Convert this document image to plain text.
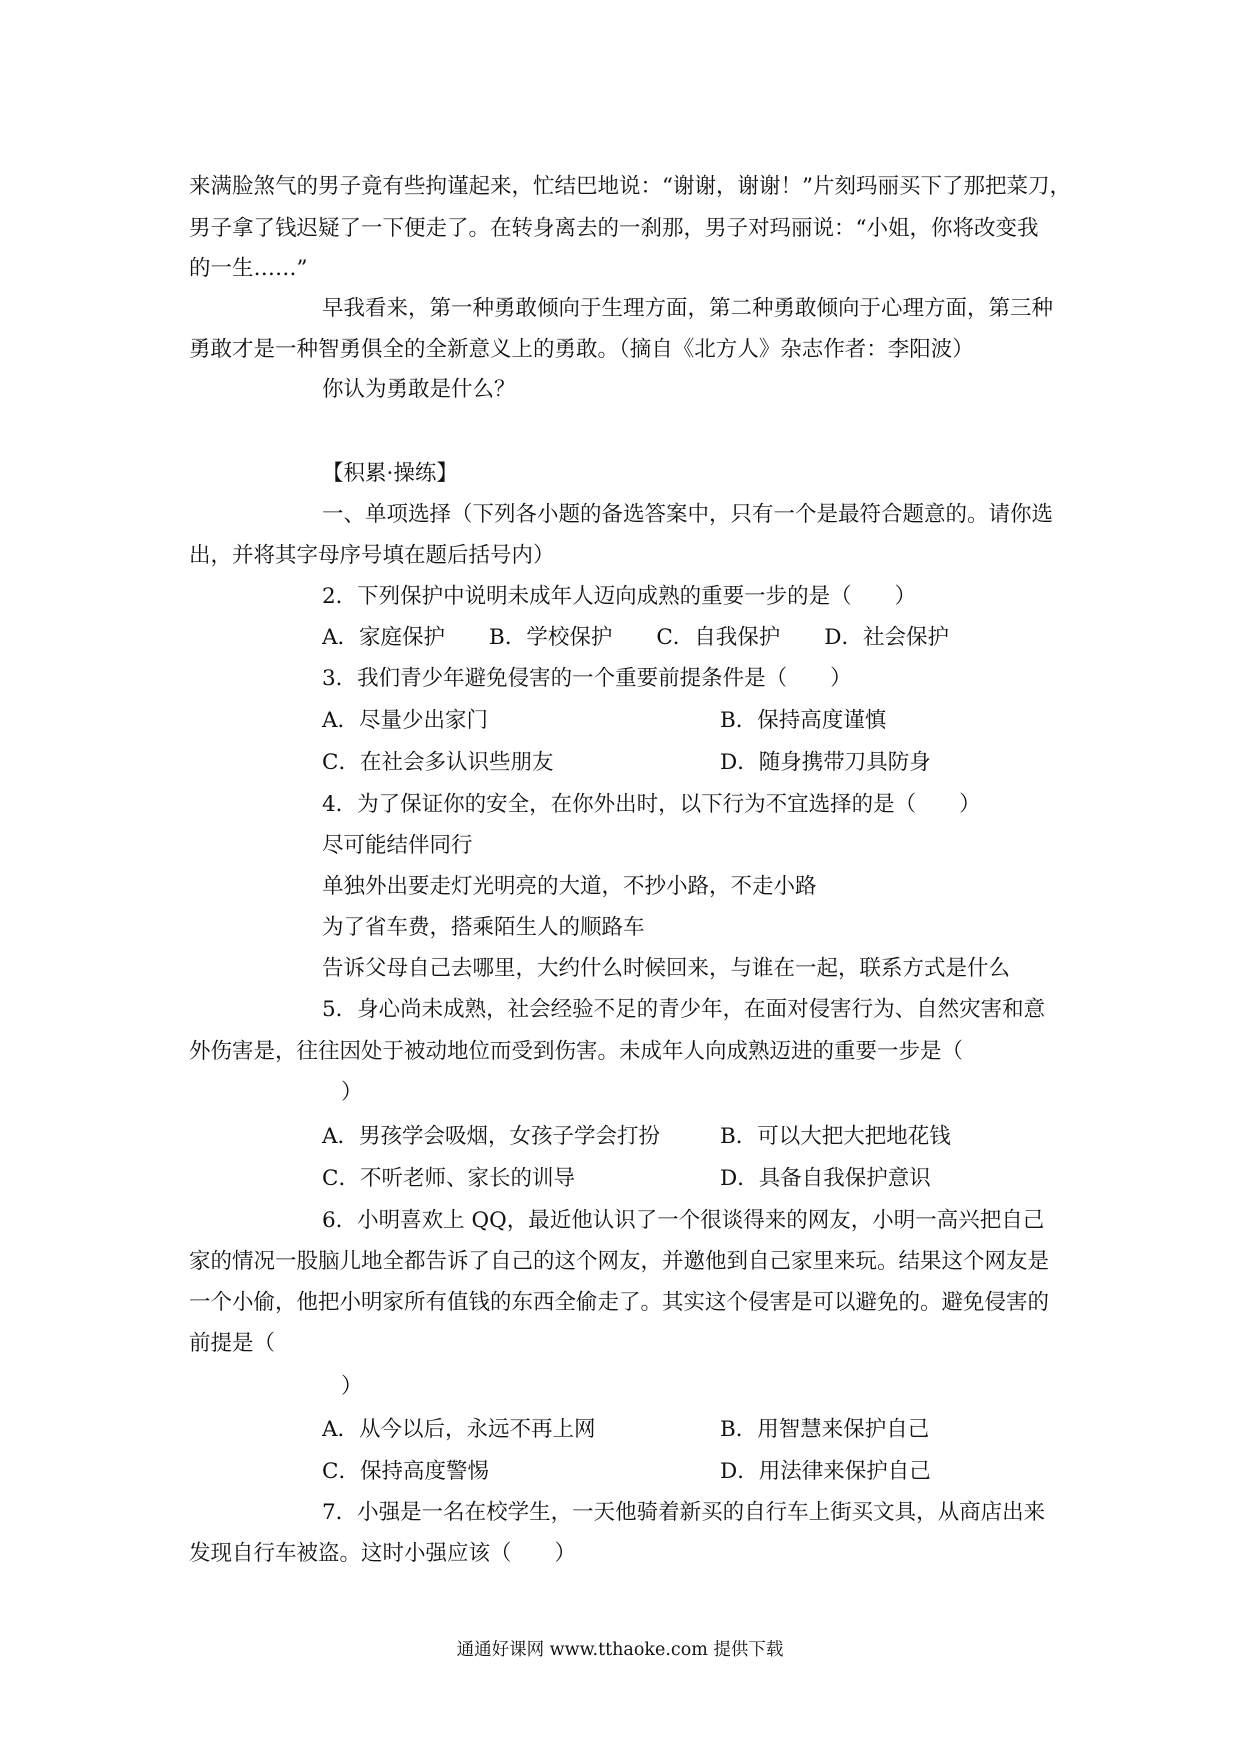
来满脸煞气的男子竟有些拘谨起来，忙结巴地说：“谢谢，谢谢！”片刻玛丽买下了那把菜刀，
男子拿了钱迟疑了一下便走了。在转身离去的一刹那，男子对玛丽说：“小姐，你将改变我
的一生……”
早我看来，第一种勇敢倾向于生理方面，第二种勇敢倾向于心理方面，第三种
勇敢才是一种智勇俱全的全新意义上的勇敢。（摘自《北方人》杂志作者：李阳波）
你认为勇敢是什么？
【积累·操练】
一、单项选择（下列各小题的备选答案中，只有一个是最符合题意的。请你选
出，并将其字母序号填在题后括号内）
2．下列保护中说明未成年人迈向成熟的重要一步的是（　　）
A．家庭保护 B．学校保护 C．自我保护 D．社会保护
3．我们青少年避免侵害的一个重要前提条件是（　　）
A．尽量少出家门	B．保持高度谨慎
C．在社会多认识些朋友	D．随身携带刀具防身
4．为了保证你的安全，在你外出时，以下行为不宜选择的是（　　）
尽可能结伴同行
单独外出要走灯光明亮的大道，不抄小路，不走小路
为了省车费，搭乘陌生人的顺路车
告诉父母自己去哪里，大约什么时候回来，与谁在一起，联系方式是什么
5．身心尚未成熟，社会经验不足的青少年，在面对侵害行为、自然灾害和意
外伤害是，往往因处于被动地位而受到伤害。未成年人向成熟迈进的重要一步是（
）
A．男孩学会吸烟，女孩子学会打扮	B．可以大把大把地花钱
C．不听老师、家长的训导	D．具备自我保护意识
6．小明喜欢上 QQ，最近他认识了一个很谈得来的网友，小明一高兴把自己
家的情况一股脑儿地全都告诉了自己的这个网友，并邀他到自己家里来玩。结果这个网友是
一个小偷，他把小明家所有值钱的东西全偷走了。其实这个侵害是可以避免的。避免侵害的
前提是（
）
A．从今以后，永远不再上网	B．用智慧来保护自己
C．保持高度警惕	D．用法律来保护自己
7．小强是一名在校学生，一天他骑着新买的自行车上街买文具，从商店出来
发现自行车被盗。这时小强应该（　　）
通通好课网 www.tthaoke.com 提供下载
